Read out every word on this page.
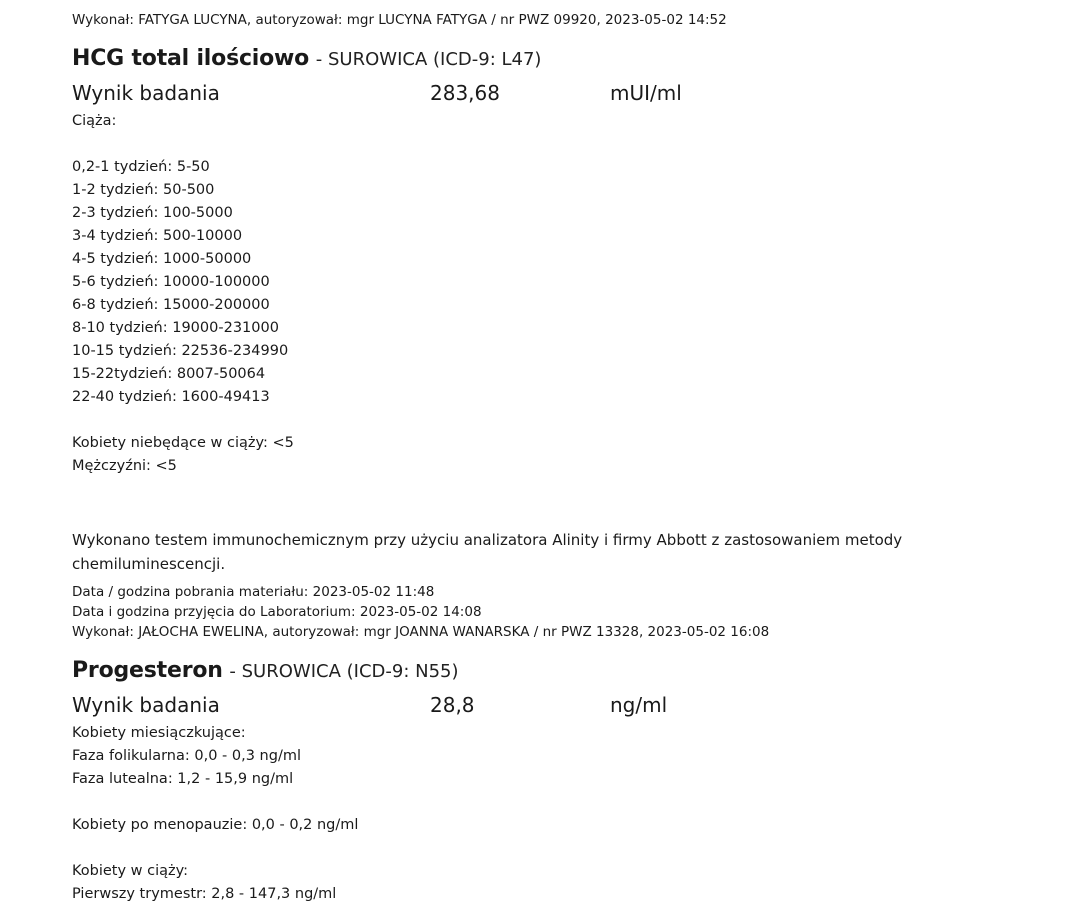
Wykonał: FATYGA LUCYNA, autoryzował: mgr LUCYNA FATYGA / nr PWZ 09920, 2023-05-02 14:52
HCG total ilościowo - SUROWICA (ICD-9: L47)
Wynik badania	283,68	mUI/ml
Ciąża:

0,2-1 tydzień: 5-50
1-2 tydzień: 50-500
2-3 tydzień: 100-5000
3-4 tydzień: 500-10000
4-5 tydzień: 1000-50000
5-6 tydzień: 10000-100000
6-8 tydzień: 15000-200000
8-10 tydzień: 19000-231000
10-15 tydzień: 22536-234990
15-22tydzień: 8007-50064
22-40 tydzień: 1600-49413

Kobiety niebędące w ciąży: <5
Mężczyźni: <5
Wykonano testem immunochemicznym przy użyciu analizatora Alinity i firmy Abbott z zastosowaniem metody chemiluminescencji.
Data / godzina pobrania materiału: 2023-05-02 11:48
Data i godzina przyjęcia do Laboratorium: 2023-05-02 14:08
Wykonał: JAŁOCHA EWELINA, autoryzował: mgr JOANNA WANARSKA / nr PWZ 13328, 2023-05-02 16:08
Progesteron - SUROWICA (ICD-9: N55)
Wynik badania	28,8	ng/ml
Kobiety miesiączkujące:
Faza folikularna: 0,0 - 0,3 ng/ml
Faza lutealna: 1,2 - 15,9 ng/ml

Kobiety po menopauzie: 0,0 - 0,2 ng/ml

Kobiety w ciąży:
Pierwszy trymestr: 2,8 - 147,3 ng/ml
